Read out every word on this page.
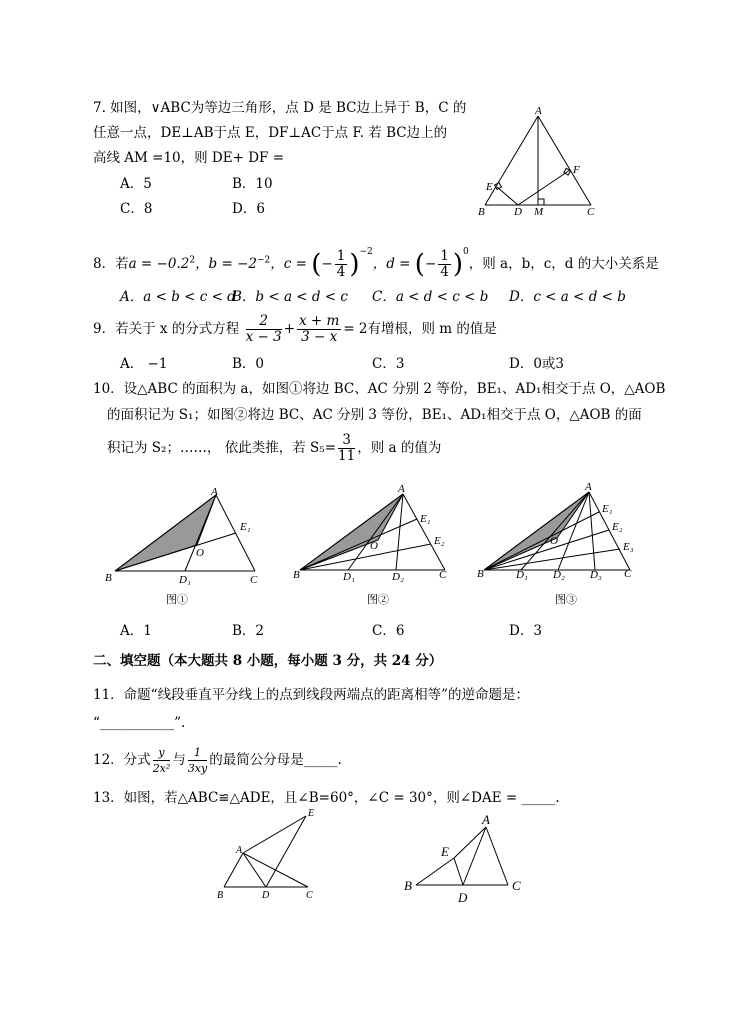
7. 如图，∨ABC为等边三角形，点 D 是 BC边上异于 B，C 的
任意一点，DE⊥AB于点 E，DF⊥AC于点 F. 若 BC边上的
高线 AM =10，则 DE+ DF =
A．5	B．10
C．8	D．6
A
B	C
D
E
F
M
8．若$a = -0.2^2$，$b = -2^{-2}$，c = (− $\frac{1}{4} )^{-2}$，d = (− $\frac{1}{4} )^0$，则 a，b，c，d 的大小关系是
A．a < b < c < d
B．b < a < d < c C．a < d < c < b D．c < a < d < b
9．若关于 x 的分式方程 $\frac{2}{x - 3} + \frac{x + m}{3 - x} = 2$有增根，则 m 的值是
A． −1	B．0	C．3	D．0或3
10．设△ABC 的面积为 a，如图①将边 BC、AC 分别 2 等份，BE₁、AD₁相交于点 O，△AOB
的面积记为 S₁；如图②将边 BC、AC 分别 3 等份，BE₁、AD₁相交于点 O，△AOB 的面
积记为 S₂；……， 依此类推，若 $S_5= \frac{3}{11}$ ，则 a 的值为
A
B	C
D₁
E₁
O
图①
A
B	C
D₁	D₂
E₁
E₂
O
图②
A
B	C
D₁ D₂ D₃
E₁
E₂
E₃
O
图③
A．1	B．2	C．6	D．3
二、填空题（本大题共 8 小题，每小题 3 分，共 24 分）
11．命题“线段垂直平分线上的点到线段两端点的距离相等”的逆命题是：
“___________”.
12．分式 $\frac{y}{\text{2x²}}$ 与 $\frac{1}{3xy}$ 的最简公分母是_____.
13．如图，若△ABC≌△ADE，且∠B=60°，∠C = 30°，则∠DAE = _____.
A
B	C
D
E	A
B	C
D
E
